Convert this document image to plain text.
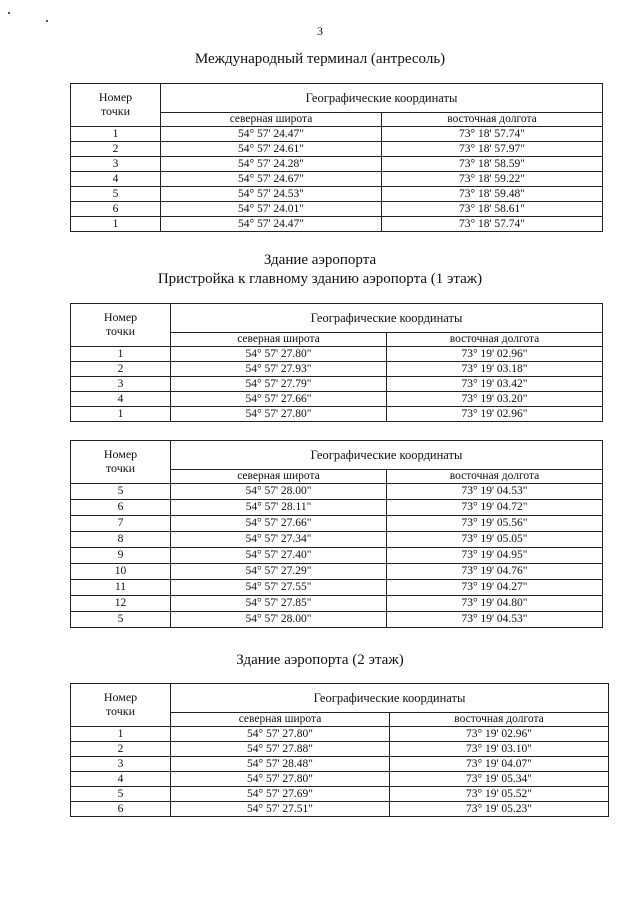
3
Международный терминал (антресоль)
Номер
точки	Географические координаты	
	северная широта	восточная долгота
1	54° 57' 24.47"	73° 18' 57.74"
2	54° 57' 24.61"	73° 18' 57.97"
3	54° 57' 24.28"	73° 18' 58.59"
4	54° 57' 24.67"	73° 18' 59.22"
5	54° 57' 24.53"	73° 18' 59.48"
6	54° 57' 24.01"	73° 18' 58.61"
1	54° 57' 24.47"	73° 18' 57.74"
Здание аэропорта
Пристройка к главному зданию аэропорта (1 этаж)
Номер
точки	Географические координаты	
	северная широта	восточная долгота
1	54° 57' 27.80"	73° 19' 02.96"
2	54° 57' 27.93"	73° 19' 03.18"
3	54° 57' 27.79"	73° 19' 03.42"
4	54° 57' 27.66"	73° 19' 03.20"
1	54° 57' 27.80"	73° 19' 02.96"
Номер
точки	Географические координаты	
	северная широта	восточная долгота
5	54° 57' 28.00"	73° 19' 04.53"
6	54° 57' 28.11"	73° 19' 04.72"
7	54° 57' 27.66"	73° 19' 05.56"
8	54° 57' 27.34"	73° 19' 05.05"
9	54° 57' 27.40"	73° 19' 04.95"
10	54° 57' 27.29"	73° 19' 04.76"
11	54° 57' 27.55"	73° 19' 04.27"
12	54° 57' 27.85"	73° 19' 04.80"
5	54° 57' 28.00"	73° 19' 04.53"
Здание аэропорта (2 этаж)
Номер
точки	Географические координаты	
	северная широта	восточная долгота
1	54° 57' 27.80"	73° 19' 02.96"
2	54° 57' 27.88"	73° 19' 03.10"
3	54° 57' 28.48"	73° 19' 04.07"
4	54° 57' 27.80"	73° 19' 05.34"
5	54° 57' 27.69"	73° 19' 05.52"
6	54° 57' 27.51"	73° 19' 05.23"
